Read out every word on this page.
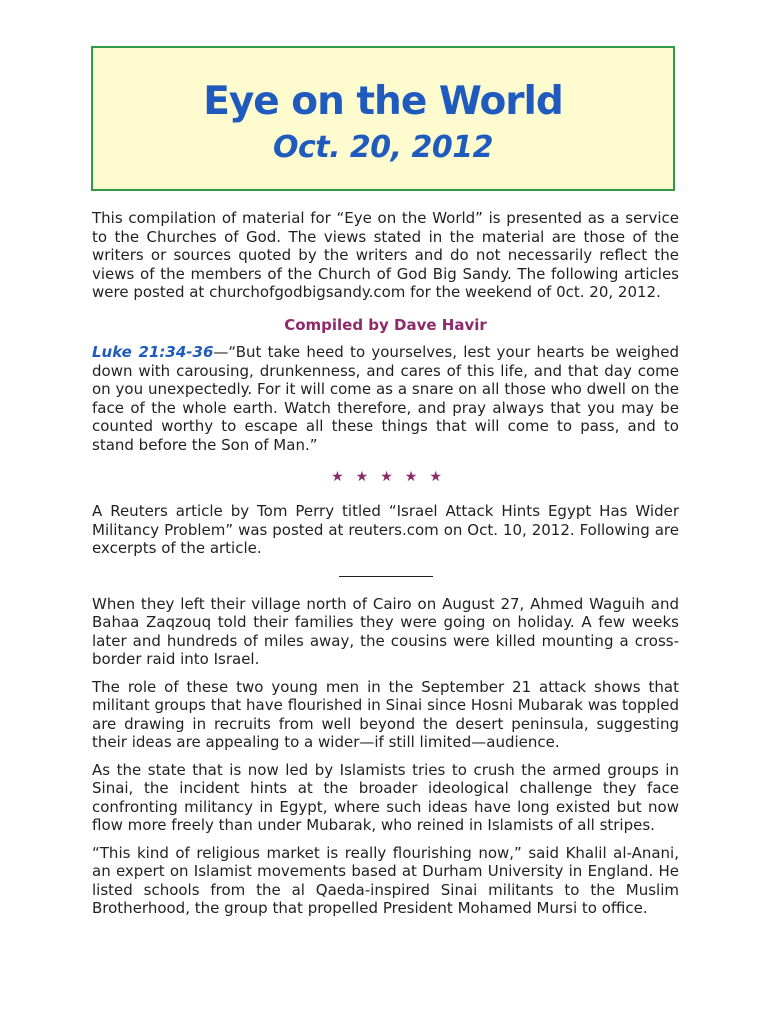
Eye on the World
Oct. 20, 2012

This compilation of material for “Eye on the World” is presented as a service to the Churches of God. The views stated in the material are those of the writers or sources quoted by the writers and do not necessarily reflect the views of the members of the Church of God Big Sandy. The following articles were posted at churchofgodbigsandy.com for the weekend of 0ct. 20, 2012.

Compiled by Dave Havir

Luke 21:34-36—“But take heed to yourselves, lest your hearts be weighed down with carousing, drunkenness, and cares of this life, and that day come on you unexpectedly. For it will come as a snare on all those who dwell on the face of the whole earth. Watch therefore, and pray always that you may be counted worthy to escape all these things that will come to pass, and to stand before the Son of Man.”

★★★★★

A Reuters article by Tom Perry titled “Israel Attack Hints Egypt Has Wider Militancy Problem” was posted at reuters.com on Oct. 10, 2012. Following are excerpts of the article.

When they left their village north of Cairo on August 27, Ahmed Waguih and Bahaa Zaqzouq told their families they were going on holiday. A few weeks later and hundreds of miles away, the cousins were killed mounting a cross-border raid into Israel.

The role of these two young men in the September 21 attack shows that militant groups that have flourished in Sinai since Hosni Mubarak was toppled are drawing in recruits from well beyond the desert peninsula, suggesting their ideas are appealing to a wider—if still limited—audience.

As the state that is now led by Islamists tries to crush the armed groups in Sinai, the incident hints at the broader ideological challenge they face confronting militancy in Egypt, where such ideas have long existed but now flow more freely than under Mubarak, who reined in Islamists of all stripes.

“This kind of religious market is really flourishing now,” said Khalil al-Anani, an expert on Islamist movements based at Durham University in England. He listed schools from the al Qaeda-inspired Sinai militants to the Muslim Brotherhood, the group that propelled President Mohamed Mursi to office.
